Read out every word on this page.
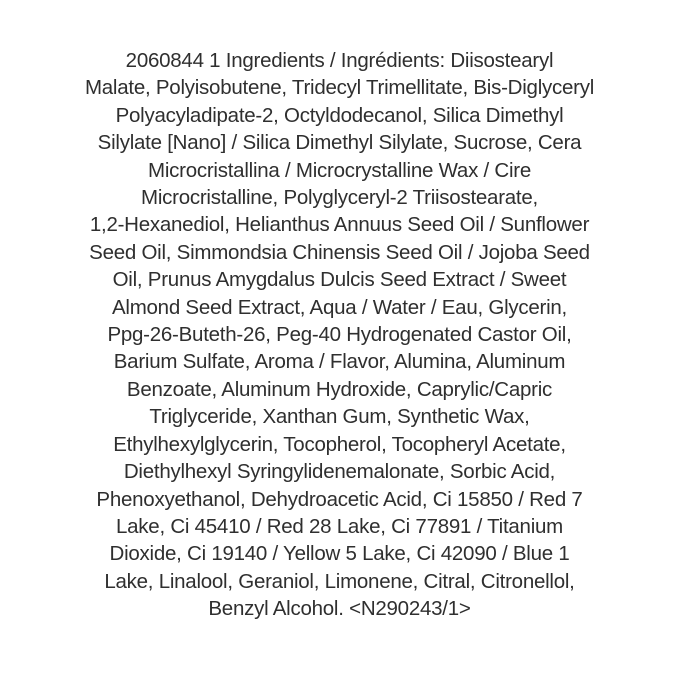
2060844 1 Ingredients / Ingrédients: Diisostearyl
Malate, Polyisobutene, Tridecyl Trimellitate, Bis-Diglyceryl
Polyacyladipate-2, Octyldodecanol, Silica Dimethyl
Silylate [Nano] / Silica Dimethyl Silylate, Sucrose, Cera
Microcristallina / Microcrystalline Wax / Cire
Microcristalline, Polyglyceryl-2 Triisostearate,
1,2-Hexanediol, Helianthus Annuus Seed Oil / Sunflower
Seed Oil, Simmondsia Chinensis Seed Oil / Jojoba Seed
Oil, Prunus Amygdalus Dulcis Seed Extract / Sweet
Almond Seed Extract, Aqua / Water / Eau, Glycerin,
Ppg-26-Buteth-26, Peg-40 Hydrogenated Castor Oil,
Barium Sulfate, Aroma / Flavor, Alumina, Aluminum
Benzoate, Aluminum Hydroxide, Caprylic/Capric
Triglyceride, Xanthan Gum, Synthetic Wax,
Ethylhexylglycerin, Tocopherol, Tocopheryl Acetate,
Diethylhexyl Syringylidenemalonate, Sorbic Acid,
Phenoxyethanol, Dehydroacetic Acid, Ci 15850 / Red 7
Lake, Ci 45410 / Red 28 Lake, Ci 77891 / Titanium
Dioxide, Ci 19140 / Yellow 5 Lake, Ci 42090 / Blue 1
Lake, Linalool, Geraniol, Limonene, Citral, Citronellol,
Benzyl Alcohol. <N290243/1>
